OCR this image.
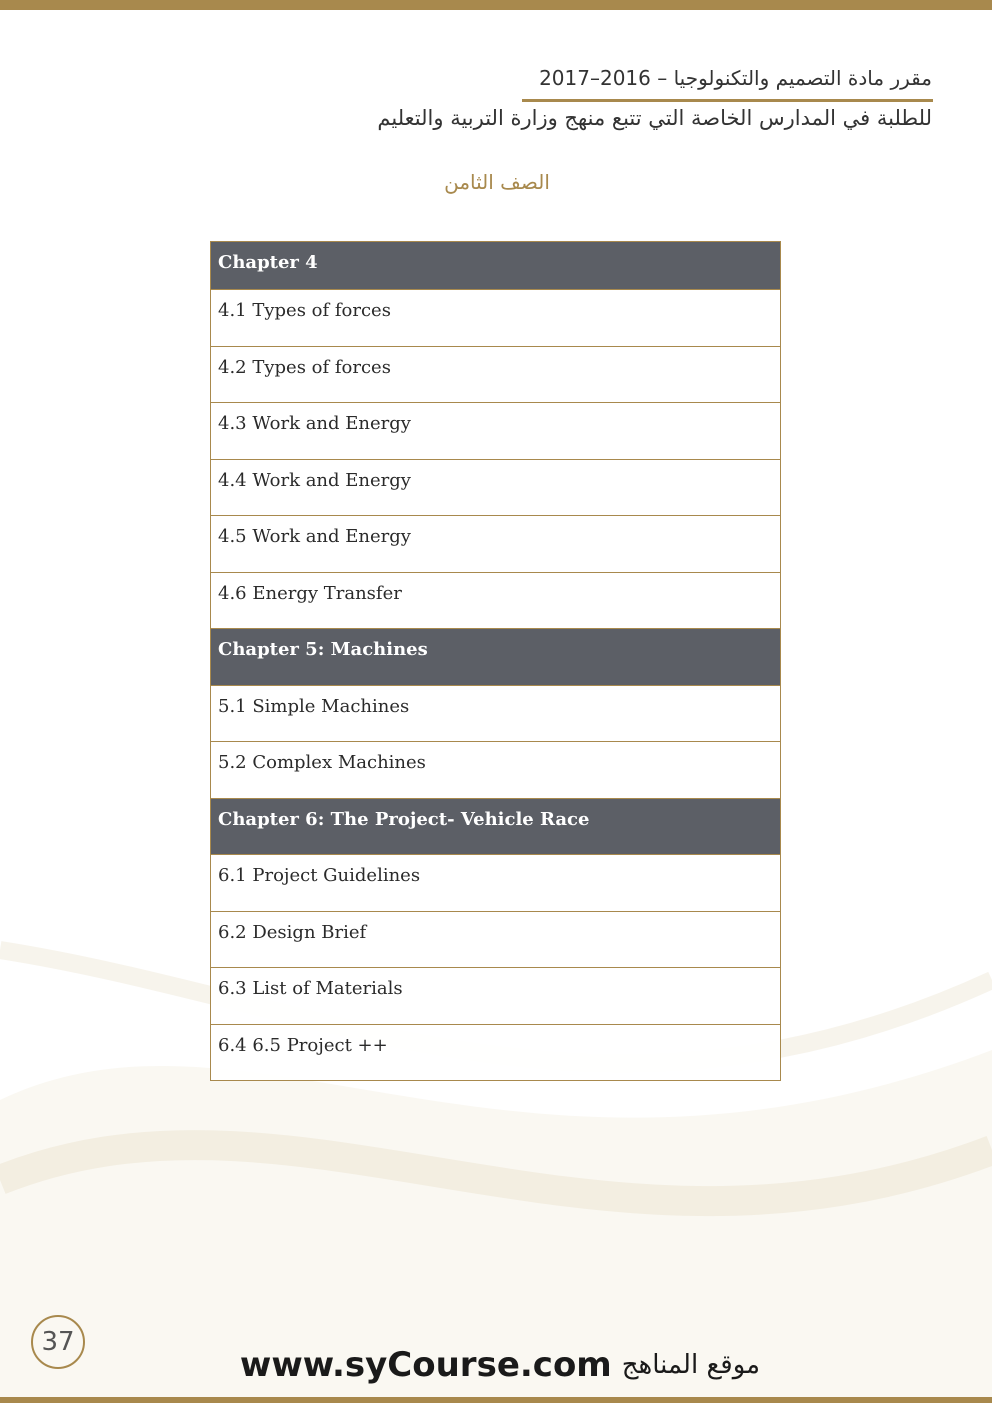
مقرر مادة التصميم والتكنولوجيا – 2016–2017
للطلبة في المدارس الخاصة التي تتبع منهج وزارة التربية والتعليم
الصف الثامن
Chapter 4
4.1 Types of forces
4.2 Types of forces
4.3 Work and Energy
4.4 Work and Energy
4.5 Work and Energy
4.6 Energy Transfer
Chapter 5: Machines
5.1 Simple Machines
5.2 Complex Machines
Chapter 6: The Project- Vehicle Race
6.1 Project Guidelines
6.2 Design Brief
6.3 List of Materials
6.4 6.5 Project ++
37
www.syCourse.com موقع المناهج
